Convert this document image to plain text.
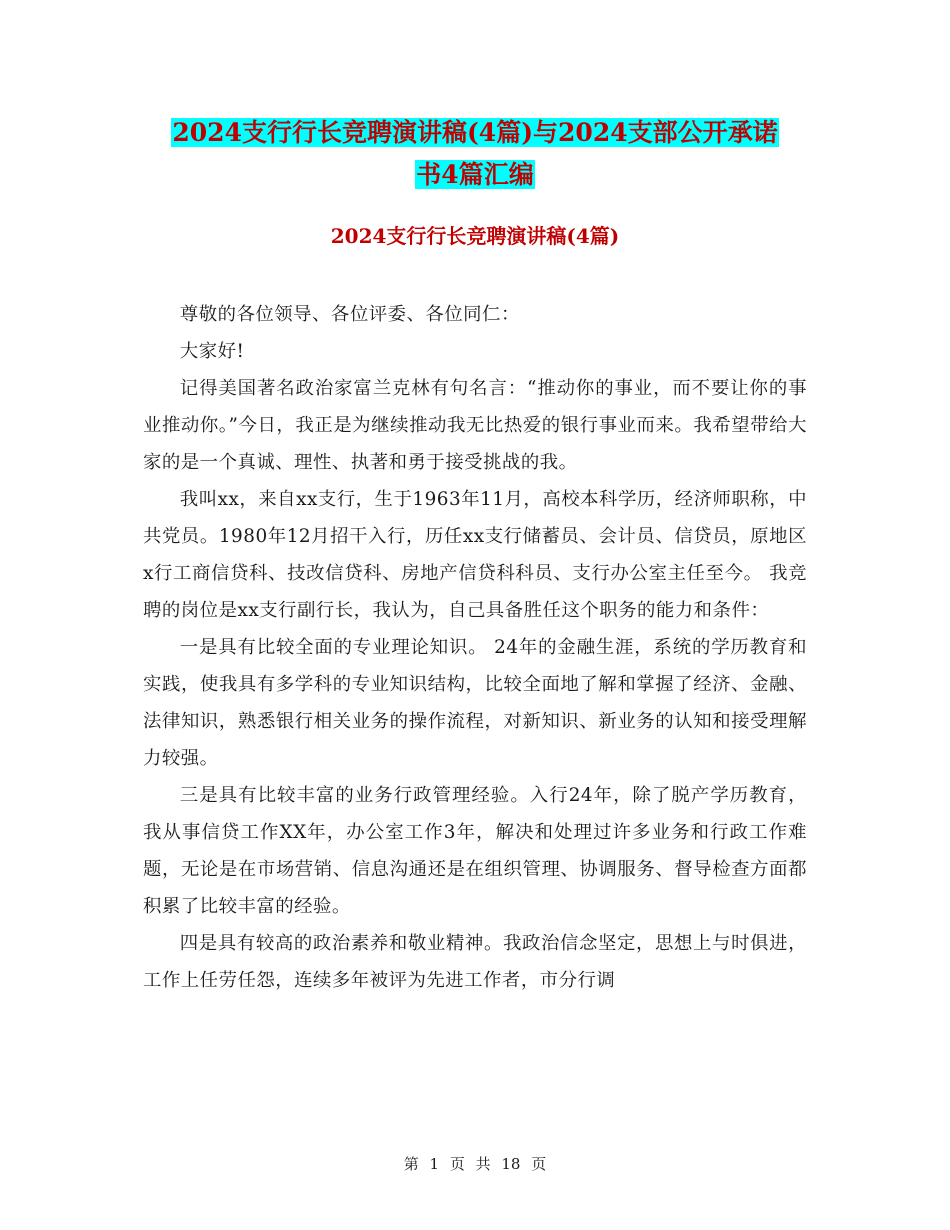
2024支行行长竞聘演讲稿(4篇)与2024支部公开承诺
书4篇汇编
2024支行行长竞聘演讲稿(4篇)

尊敬的各位领导、各位评委、各位同仁：

大家好!

记得美国著名政治家富兰克林有句名言：“推动你的事业，而不要让你的事业推动你。”今日，我正是为继续推动我无比热爱的银行事业而来。我希望带给大家的是一个真诚、理性、执著和勇于接受挑战的我。

我叫xx，来自xx支行，生于1963年11月，高校本科学历，经济师职称，中共党员。1980年12月招干入行，历任xx支行储蓄员、会计员、信贷员，原地区x行工商信贷科、技改信贷科、房地产信贷科科员、支行办公室主任至今。 我竞聘的岗位是xx支行副行长，我认为，自己具备胜任这个职务的能力和条件：

一是具有比较全面的专业理论知识。 24年的金融生涯，系统的学历教育和实践，使我具有多学科的专业知识结构，比较全面地了解和掌握了经济、金融、法律知识，熟悉银行相关业务的操作流程，对新知识、新业务的认知和接受理解力较强。

三是具有比较丰富的业务行政管理经验。入行24年，除了脱产学历教育，我从事信贷工作XX年，办公室工作3年，解决和处理过许多业务和行政工作难题，无论是在市场营销、信息沟通还是在组织管理、协调服务、督导检查方面都积累了比较丰富的经验。

四是具有较高的政治素养和敬业精神。我政治信念坚定，思想上与时俱进，工作上任劳任怨，连续多年被评为先进工作者，市分行调

第 1 页 共 18 页
